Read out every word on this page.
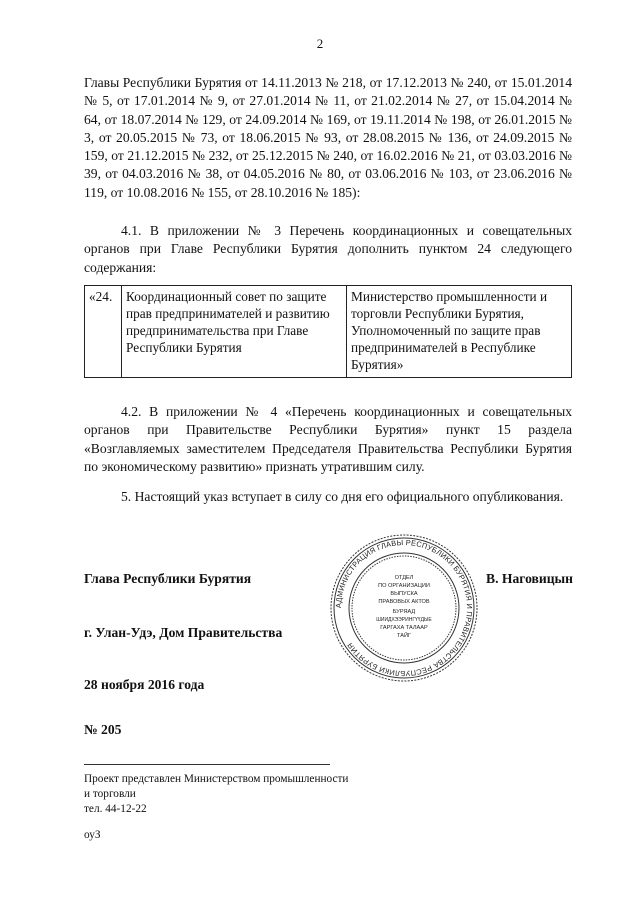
2
Главы Республики Бурятия от 14.11.2013 № 218, от 17.12.2013 № 240, от 15.01.2014 № 5, от 17.01.2014 № 9, от 27.01.2014 № 11, от 21.02.2014 № 27, от 15.04.2014 № 64, от 18.07.2014 № 129, от 24.09.2014 № 169, от 19.11.2014 № 198, от 26.01.2015 № 3, от 20.05.2015 № 73, от 18.06.2015 № 93, от 28.08.2015 № 136, от 24.09.2015 № 159, от 21.12.2015 № 232, от 25.12.2015 № 240, от 16.02.2016 № 21, от 03.03.2016 № 39, от 04.03.2016 № 38, от 04.05.2016 № 80, от 03.06.2016 № 103, от 23.06.2016 № 119, от 10.08.2016 № 155, от 28.10.2016 № 185):
4.1. В приложении № 3 Перечень координационных и совещательных органов при Главе Республики Бурятия дополнить пунктом 24 следующего содержания:
«24.	Координационный совет по защите прав предпринимателей и развитию предпринимательства при Главе Республики Бурятия	Министерство промышленности и торговли Республики Бурятия, Уполномоченный по защите прав предпринимателей в Республике Бурятия»
4.2. В приложении № 4 «Перечень координационных и совещательных органов при Правительстве Республики Бурятия» пункт 15 раздела «Возглавляемых заместителем Председателя Правительства Республики Бурятия по экономическому развитию» признать утратившим силу.
5. Настоящий указ вступает в силу со дня его официального опубликования.
Глава Республики Бурятия	В. Наговицын
г. Улан-Удэ, Дом Правительства
28 ноября 2016 года
№ 205
АДМИНИСТРАЦИЯ ГЛАВЫ РЕСПУБЛИКИ БУРЯТИЯ И ПРАВИТЕЛЬСТВА РЕСПУБЛИКИ БУРЯТИЯ
ОТДЕЛ
ПО ОРГАНИЗАЦИИ
ВЫПУСКА
ПРАВОВЫХ АКТОВ
БУРЯАД
ШИИДХЭЭРИНГҮҮДЫЕ
ГАРГАХА ТАЛААР
ТАЙГ
Проект представлен Министерством промышленности
и торговли
тел. 44-12-22
оуЗ
